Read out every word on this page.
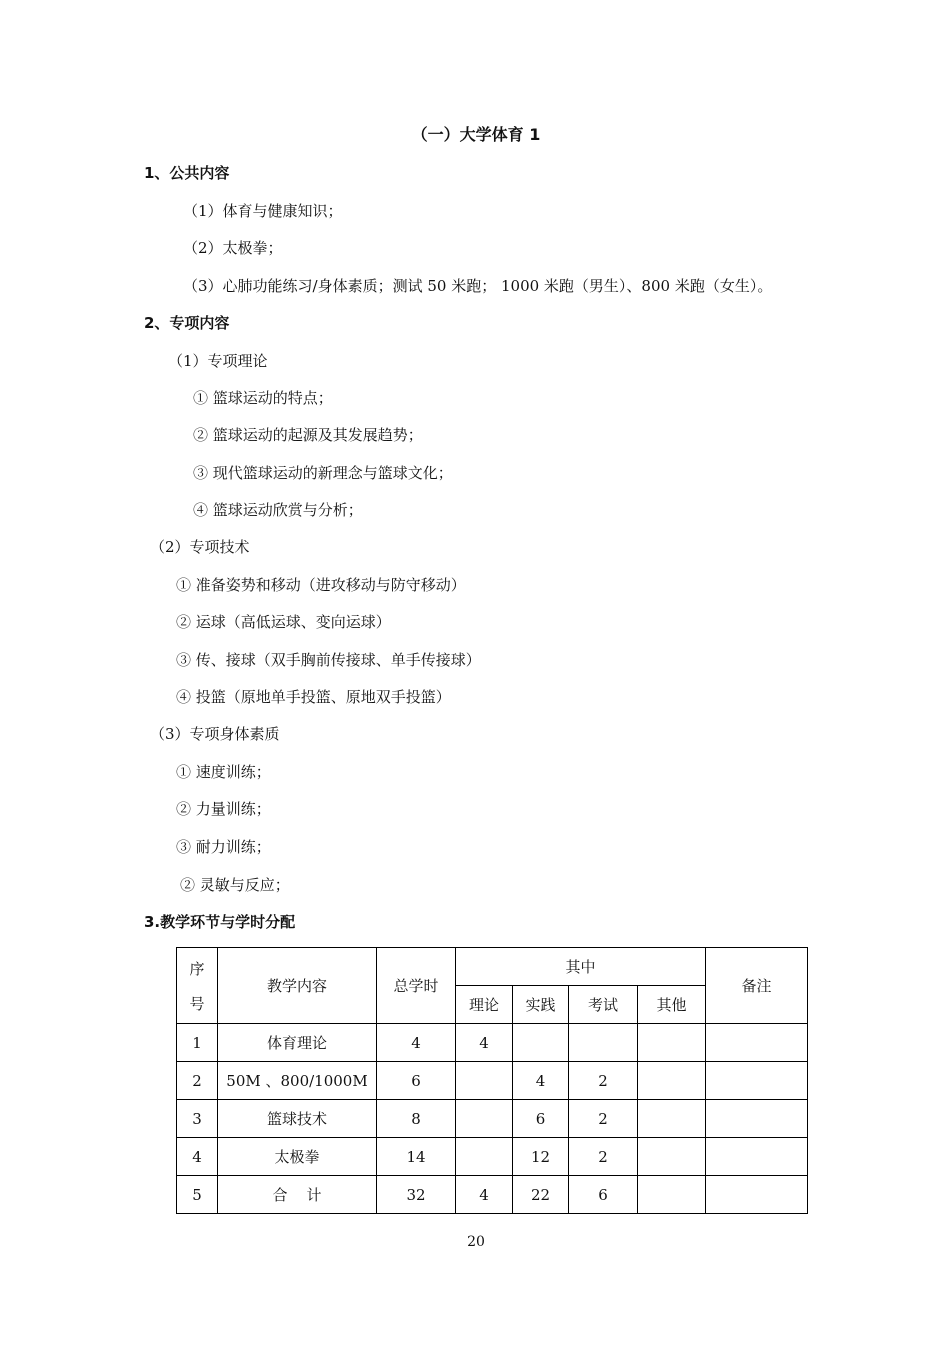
（一）大学体育 1
1、公共内容
（1）体育与健康知识；
（2）太极拳；
（3）心肺功能练习/身体素质；测试 50 米跑； 1000 米跑（男生）、800 米跑（女生）。
2、专项内容
（1）专项理论
① 篮球运动的特点；
② 篮球运动的起源及其发展趋势；
③ 现代篮球运动的新理念与篮球文化；
④ 篮球运动欣赏与分析；
（2）专项技术
① 准备姿势和移动（进攻移动与防守移动）
② 运球（高低运球、变向运球）
③ 传、接球（双手胸前传接球、单手传接球）
④ 投篮（原地单手投篮、原地双手投篮）
（3）专项身体素质
① 速度训练；
② 力量训练；
③ 耐力训练；
② 灵敏与反应；
3.教学环节与学时分配
序
号	教学内容	总学时	其中				备注
			理论	实践	考试	其他	
1	体育理论	4	4				
2	50M 、800/1000M	6		4	2		
3	篮球技术	8		6	2		
4	太极拳	14		12	2		
5	合    计	32	4	22	6		
20
